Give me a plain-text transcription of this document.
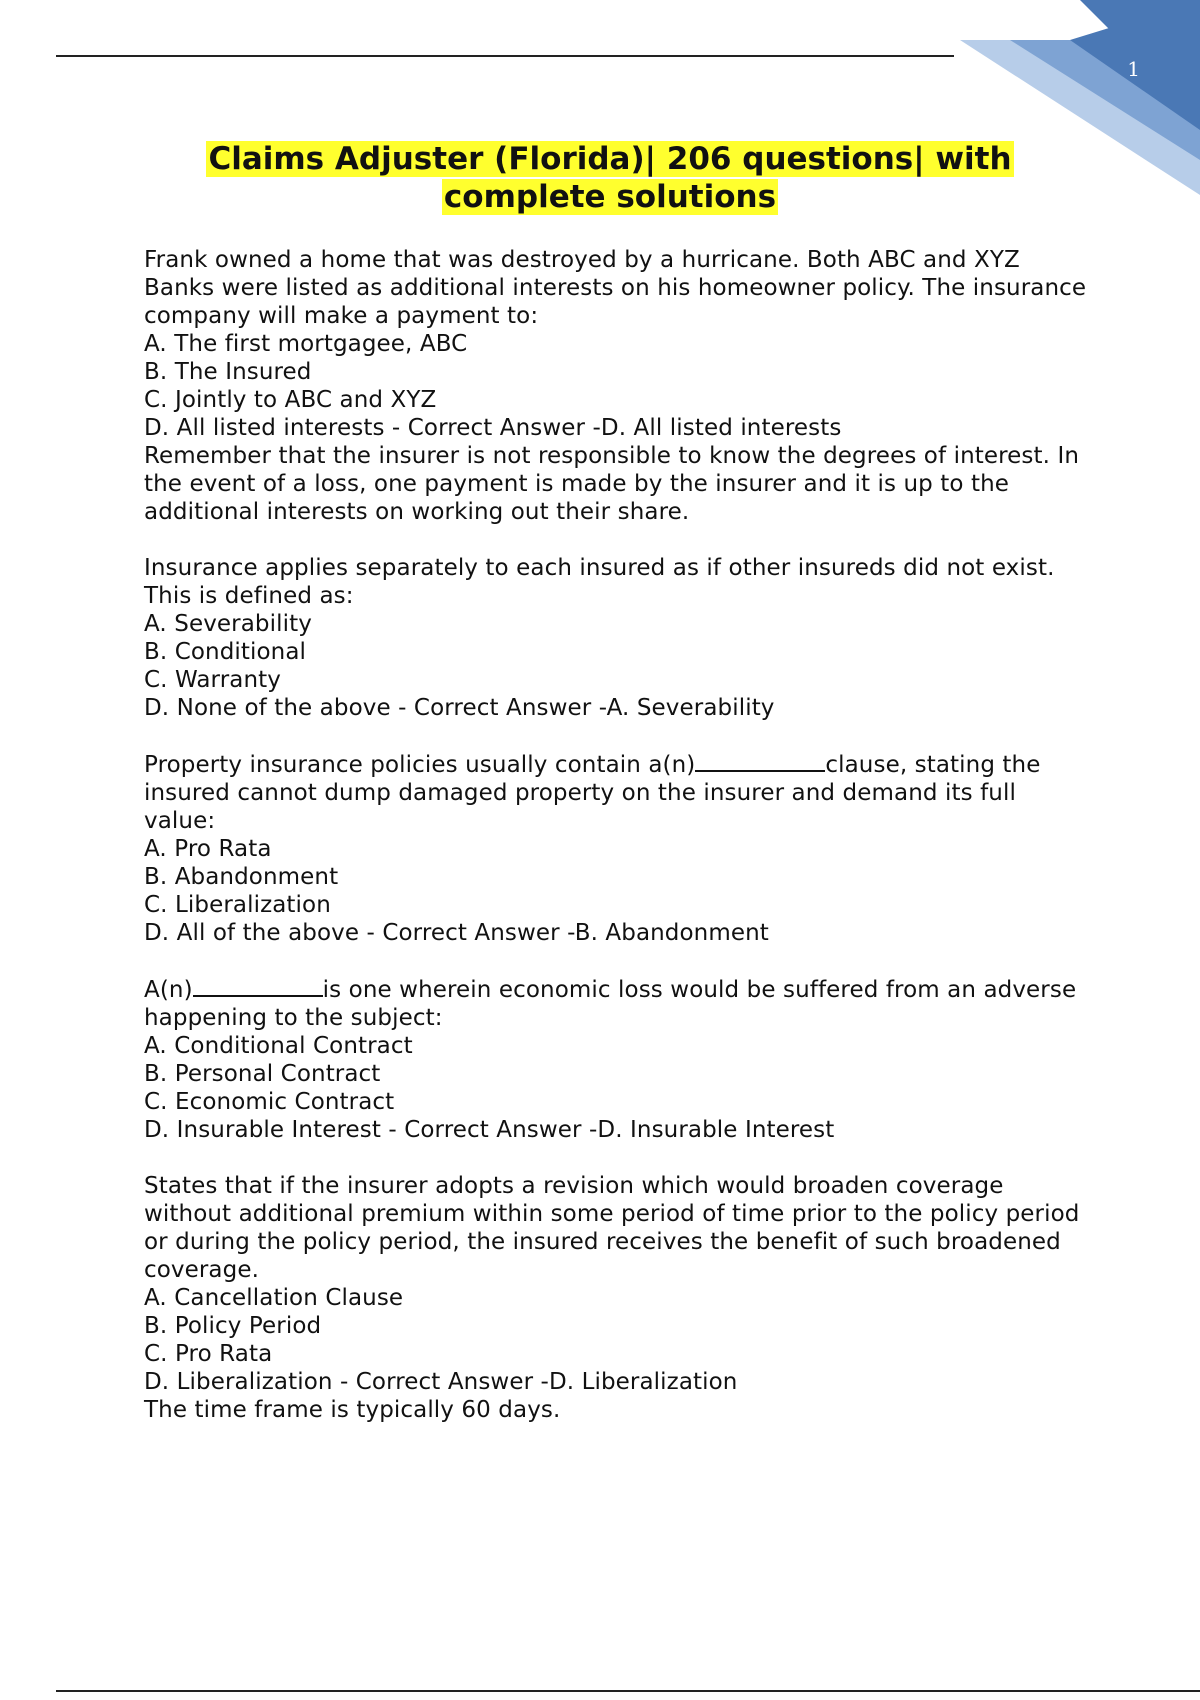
1
Claims Adjuster (Florida)| 206 questions| with
complete solutions

Frank owned a home that was destroyed by a hurricane. Both ABC and XYZ Banks were listed as additional interests on his homeowner policy. The insurance company will make a payment to:

A. The first mortgagee, ABC

B. The Insured

C. Jointly to ABC and XYZ

D. All listed interests - Correct Answer -D. All listed interests

Remember that the insurer is not responsible to know the degrees of interest. In the event of a loss, one payment is made by the insurer and it is up to the additional interests on working out their share.

Insurance applies separately to each insured as if other insureds did not exist. This is defined as:

A. Severability

B. Conditional

C. Warranty

D. None of the above - Correct Answer -A. Severability

Property insurance policies usually contain a(n)	clause, stating the insured cannot dump damaged property on the insurer and demand its full value:

A. Pro Rata

B. Abandonment

C. Liberalization

D. All of the above - Correct Answer -B. Abandonment

A(n)	is one wherein economic loss would be suffered from an adverse happening to the subject:

A. Conditional Contract

B. Personal Contract

C. Economic Contract

D. Insurable Interest - Correct Answer -D. Insurable Interest

States that if the insurer adopts a revision which would broaden coverage without additional premium within some period of time prior to the policy period or during the policy period, the insured receives the benefit of such broadened coverage.

A. Cancellation Clause

B. Policy Period

C. Pro Rata

D. Liberalization - Correct Answer -D. Liberalization

The time frame is typically 60 days.
